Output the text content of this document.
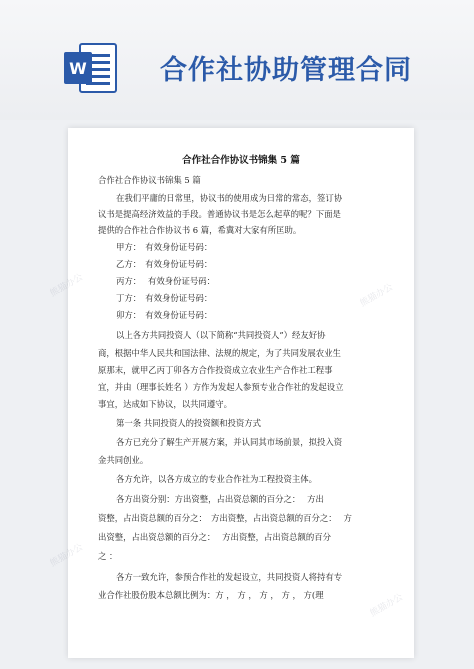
W	合作社协助管理合同
合作社合作协议书锦集 5 篇
合作社合作协议书锦集 5 篇
在我们平庸的日常里，协议书的使用成为日常的常态，签订协
议书是提高经济效益的手段。普通协议书是怎么起草的呢？下面是
提供的合作社合作协议书 6 篇，希冀对大家有所匡助。
甲方：　有效身份证号码：
乙方：　有效身份证号码：
丙方：　 有效身份证号码：
丁方：　有效身份证号码：
卯方：　有效身份证号码：
以上各方共同投资人（以下简称“共同投资人”）经友好协
商，根据中华人民共和国法律、法规的规定，为了共同发展农业生
原那末，就甲乙丙丁卯各方合作投资成立农业生产合作社工程事
宜，并由（理事长姓名 ）方作为发起人参预专业合作社的发起设立
事宜，达成如下协议，以共同遵守。
第一条 共同投资人的投资额和投资方式
各方已充分了解生产开展方案，并认同其市场前景，拟投入资
金共同创业。
各方允许，以各方成立的专业合作社为工程投资主体。
各方出资分别：方出资整，占出资总额的百分之：　 方出
资整，占出资总额的百分之：　方出资整，占出资总额的百分之：　 方
出资整，占出资总额的百分之：　 方出资整，占出资总额的百分
之 ：
各方一致允许，参预合作社的发起设立，共同投资人将持有专
业合作社股份股本总额比例为：方 ， 方 ， 方 ， 方 ， 方(理
熊猫办公	熊猫办公
熊猫办公
熊猫办公
